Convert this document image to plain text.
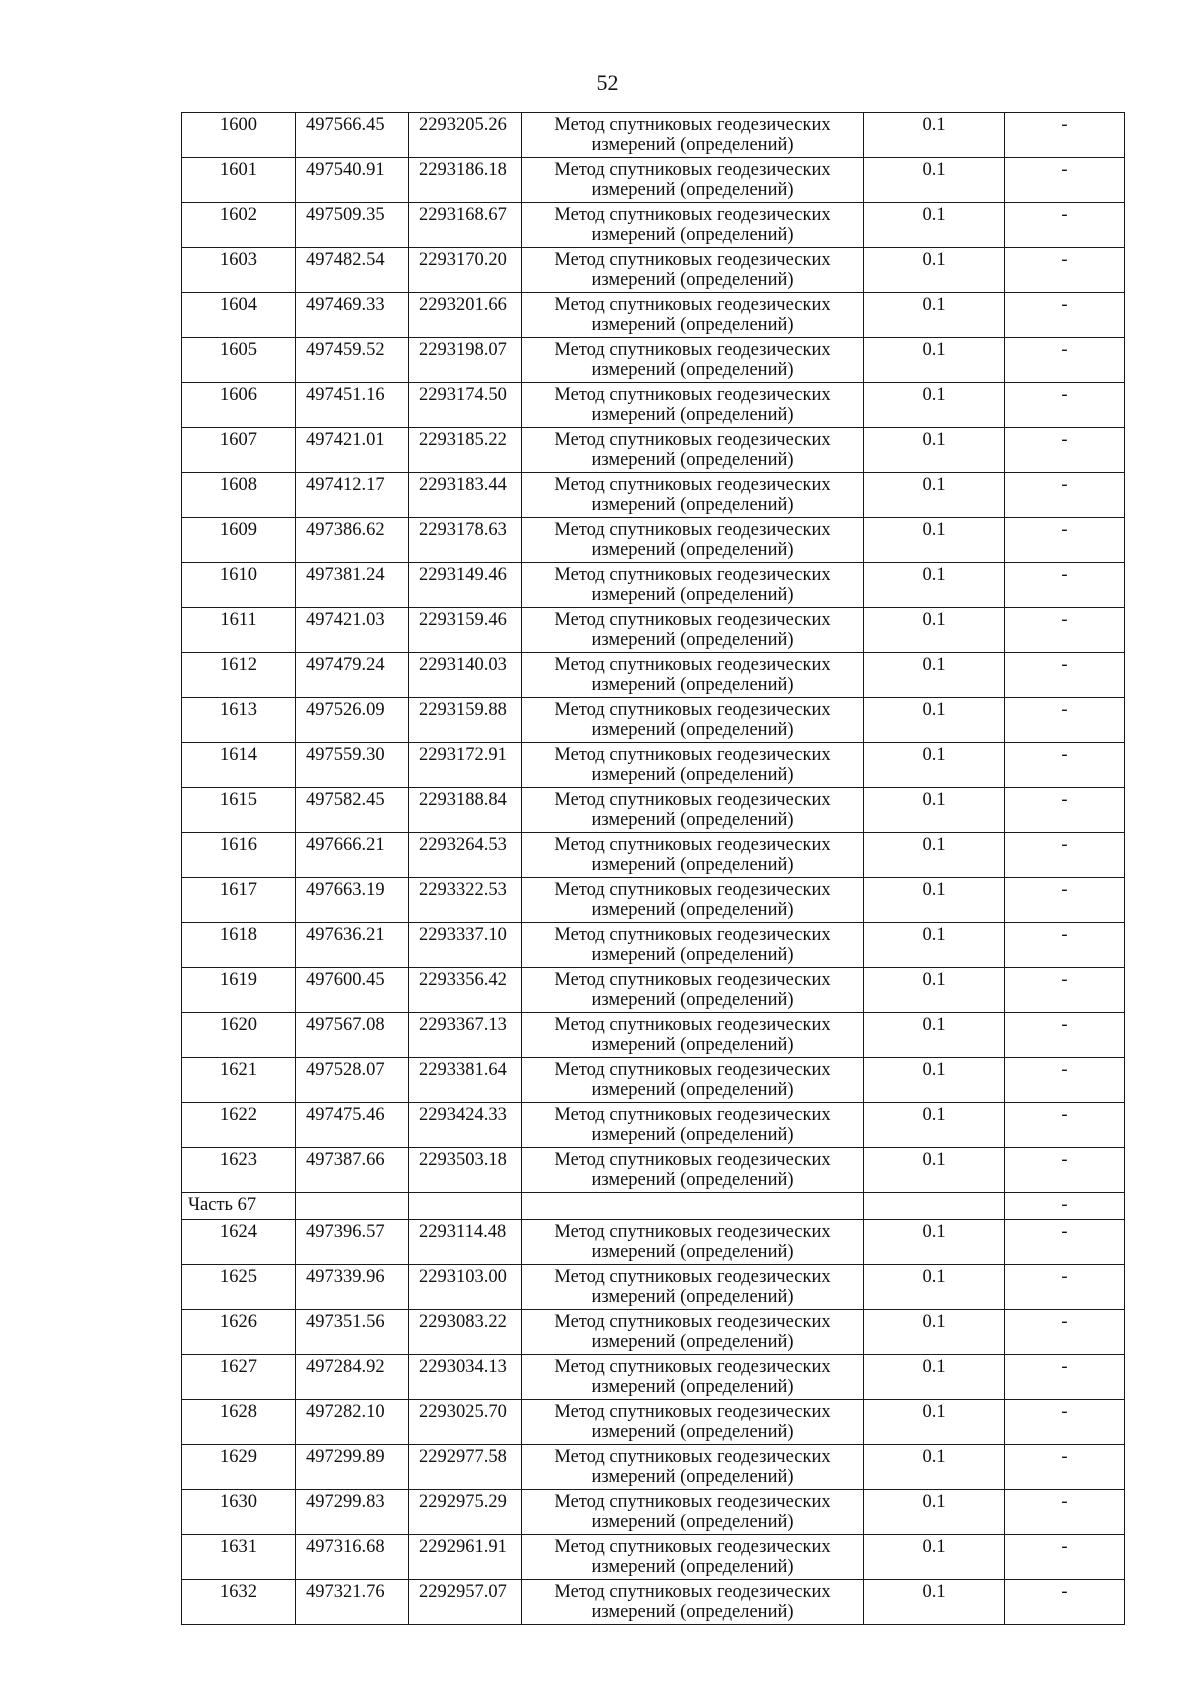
52
1600	497566.45	2293205.26	Метод спутниковых геодезических измерений (определений)	0.1	-
1601	497540.91	2293186.18	Метод спутниковых геодезических измерений (определений)	0.1	-
1602	497509.35	2293168.67	Метод спутниковых геодезических измерений (определений)	0.1	-
1603	497482.54	2293170.20	Метод спутниковых геодезических измерений (определений)	0.1	-
1604	497469.33	2293201.66	Метод спутниковых геодезических измерений (определений)	0.1	-
1605	497459.52	2293198.07	Метод спутниковых геодезических измерений (определений)	0.1	-
1606	497451.16	2293174.50	Метод спутниковых геодезических измерений (определений)	0.1	-
1607	497421.01	2293185.22	Метод спутниковых геодезических измерений (определений)	0.1	-
1608	497412.17	2293183.44	Метод спутниковых геодезических измерений (определений)	0.1	-
1609	497386.62	2293178.63	Метод спутниковых геодезических измерений (определений)	0.1	-
1610	497381.24	2293149.46	Метод спутниковых геодезических измерений (определений)	0.1	-
1611	497421.03	2293159.46	Метод спутниковых геодезических измерений (определений)	0.1	-
1612	497479.24	2293140.03	Метод спутниковых геодезических измерений (определений)	0.1	-
1613	497526.09	2293159.88	Метод спутниковых геодезических измерений (определений)	0.1	-
1614	497559.30	2293172.91	Метод спутниковых геодезических измерений (определений)	0.1	-
1615	497582.45	2293188.84	Метод спутниковых геодезических измерений (определений)	0.1	-
1616	497666.21	2293264.53	Метод спутниковых геодезических измерений (определений)	0.1	-
1617	497663.19	2293322.53	Метод спутниковых геодезических измерений (определений)	0.1	-
1618	497636.21	2293337.10	Метод спутниковых геодезических измерений (определений)	0.1	-
1619	497600.45	2293356.42	Метод спутниковых геодезических измерений (определений)	0.1	-
1620	497567.08	2293367.13	Метод спутниковых геодезических измерений (определений)	0.1	-
1621	497528.07	2293381.64	Метод спутниковых геодезических измерений (определений)	0.1	-
1622	497475.46	2293424.33	Метод спутниковых геодезических измерений (определений)	0.1	-
1623	497387.66	2293503.18	Метод спутниковых геодезических измерений (определений)	0.1	-
Часть 67					-
1624	497396.57	2293114.48	Метод спутниковых геодезических измерений (определений)	0.1	-
1625	497339.96	2293103.00	Метод спутниковых геодезических измерений (определений)	0.1	-
1626	497351.56	2293083.22	Метод спутниковых геодезических измерений (определений)	0.1	-
1627	497284.92	2293034.13	Метод спутниковых геодезических измерений (определений)	0.1	-
1628	497282.10	2293025.70	Метод спутниковых геодезических измерений (определений)	0.1	-
1629	497299.89	2292977.58	Метод спутниковых геодезических измерений (определений)	0.1	-
1630	497299.83	2292975.29	Метод спутниковых геодезических измерений (определений)	0.1	-
1631	497316.68	2292961.91	Метод спутниковых геодезических измерений (определений)	0.1	-
1632	497321.76	2292957.07	Метод спутниковых геодезических измерений (определений)	0.1	-
